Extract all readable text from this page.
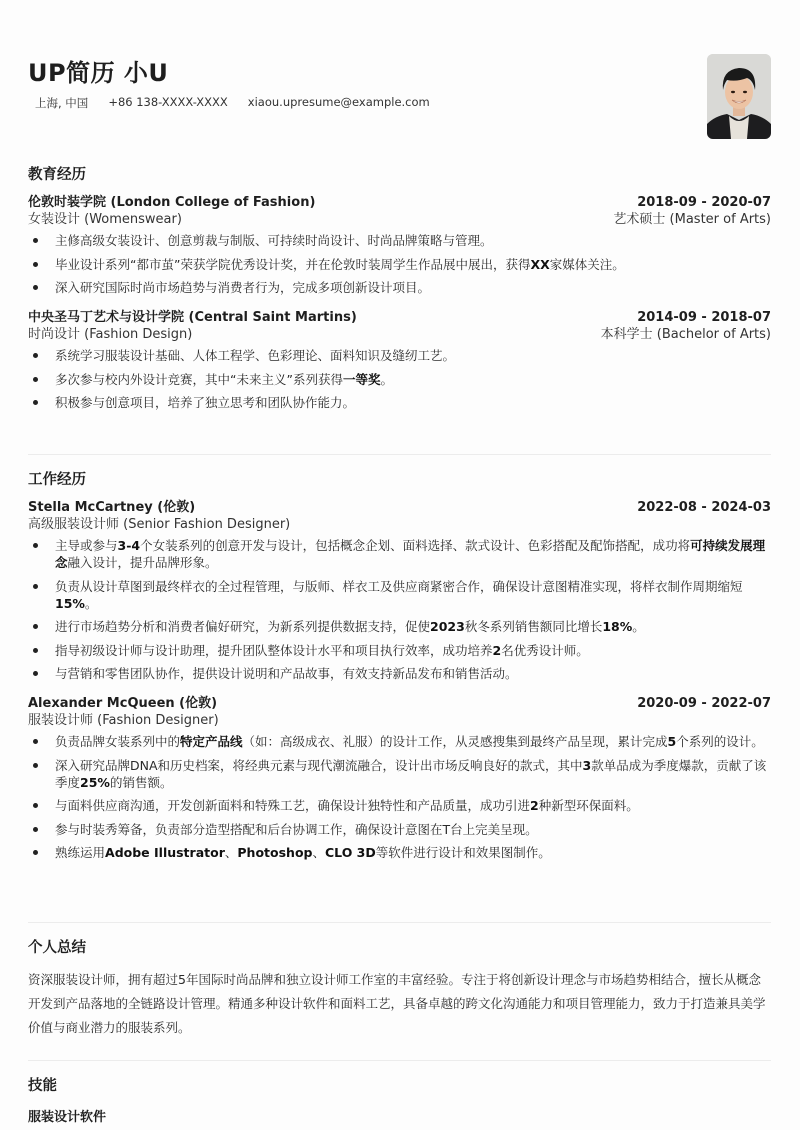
UP简历 小U
上海, 中国 +86 138-XXXX-XXXX xiaou.upresume@example.com
教育经历
伦敦时装学院 (London College of Fashion)	2018-09 - 2020-07
女装设计 (Womenswear)	艺术硕士 (Master of Arts)
主修高级女装设计、创意剪裁与制版、可持续时尚设计、时尚品牌策略与管理。
毕业设计系列“都市茧”荣获学院优秀设计奖，并在伦敦时装周学生作品展中展出，获得XX家媒体关注。
深入研究国际时尚市场趋势与消费者行为，完成多项创新设计项目。
中央圣马丁艺术与设计学院 (Central Saint Martins)	2014-09 - 2018-07
时尚设计 (Fashion Design)	本科学士 (Bachelor of Arts)
系统学习服装设计基础、人体工程学、色彩理论、面料知识及缝纫工艺。
多次参与校内外设计竞赛，其中“未来主义”系列获得一等奖。
积极参与创意项目，培养了独立思考和团队协作能力。
工作经历
Stella McCartney (伦敦)	2022-08 - 2024-03
高级服装设计师 (Senior Fashion Designer)
主导或参与3-4个女装系列的创意开发与设计，包括概念企划、面料选择、款式设计、色彩搭配及配饰搭配，成功将可持续发展理念融入设计，提升品牌形象。
负责从设计草图到最终样衣的全过程管理，与版师、样衣工及供应商紧密合作，确保设计意图精准实现，将样衣制作周期缩短15%。
进行市场趋势分析和消费者偏好研究，为新系列提供数据支持，促使2023秋冬系列销售额同比增长18%。
指导初级设计师与设计助理，提升团队整体设计水平和项目执行效率，成功培养2名优秀设计师。
与营销和零售团队协作，提供设计说明和产品故事，有效支持新品发布和销售活动。
Alexander McQueen (伦敦)	2020-09 - 2022-07
服装设计师 (Fashion Designer)
负责品牌女装系列中的特定产品线（如：高级成衣、礼服）的设计工作，从灵感搜集到最终产品呈现，累计完成5个系列的设计。
深入研究品牌DNA和历史档案，将经典元素与现代潮流融合，设计出市场反响良好的款式，其中3款单品成为季度爆款，贡献了该季度25%的销售额。
与面料供应商沟通，开发创新面料和特殊工艺，确保设计独特性和产品质量，成功引进2种新型环保面料。
参与时装秀筹备，负责部分造型搭配和后台协调工作，确保设计意图在T台上完美呈现。
熟练运用Adobe Illustrator、Photoshop、CLO 3D等软件进行设计和效果图制作。
个人总结
资深服装设计师，拥有超过5年国际时尚品牌和独立设计师工作室的丰富经验。专注于将创新设计理念与市场趋势相结合，擅长从概念开发到产品落地的全链路设计管理。精通多种设计软件和面料工艺，具备卓越的跨文化沟通能力和项目管理能力，致力于打造兼具美学价值与商业潜力的服装系列。
技能
服装设计软件
